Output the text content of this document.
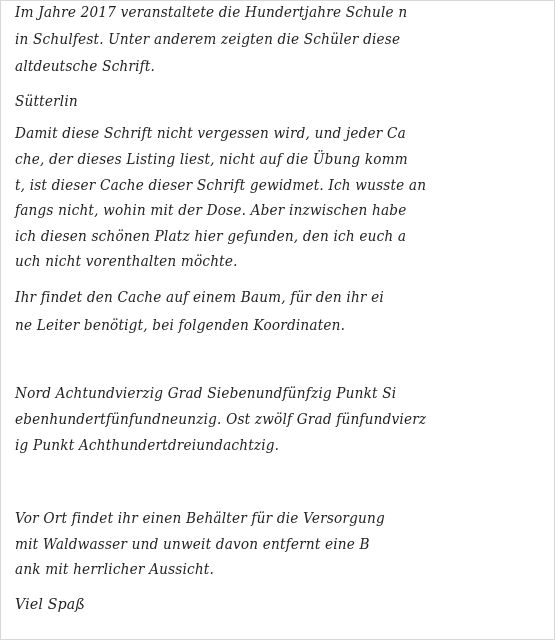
Im Jahre 2017 veranstaltete die Hundertjahre Schule n
in Schulfest. Unter anderem zeigten die Schüler diese
altdeutsche Schrift.
Sütterlin
Damit diese Schrift nicht vergessen wird, und jeder Ca
che, der dieses Listing liest, nicht auf die Übung komm
t, ist dieser Cache dieser Schrift gewidmet. Ich wusste an
fangs nicht, wohin mit der Dose. Aber inzwischen habe
ich diesen schönen Platz hier gefunden, den ich euch a
uch nicht vorenthalten möchte.
Ihr findet den Cache auf einem Baum, für den ihr ei
ne Leiter benötigt, bei folgenden Koordinaten.
Nord Achtundvierzig Grad Siebenundfünfzig Punkt Si
ebenhundertfünfundneunzig. Ost zwölf Grad fünfundvierz
ig Punkt Achthundertdreiundachtzig.
Vor Ort findet ihr einen Behälter für die Versorgung
mit Waldwasser und unweit davon entfernt eine B
ank mit herrlicher Aussicht.
Viel Spaß
